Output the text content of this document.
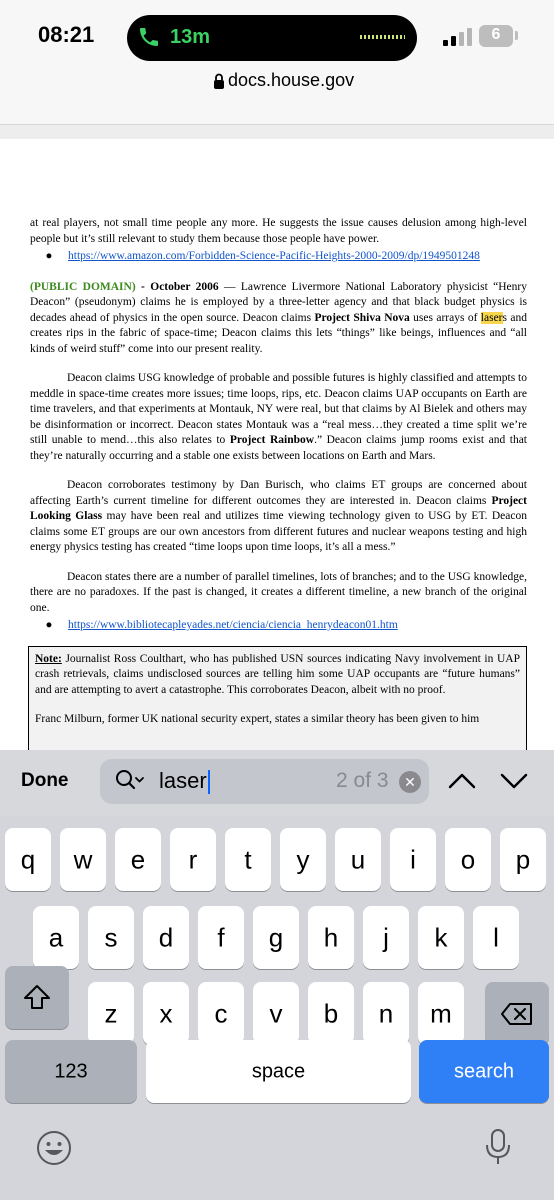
08:21	13m	6
docs.house.gov

at real players, not small time people any more. He suggests the issue causes delusion among high-level people but it’s still relevant to study them because those people have power.

●	https://www.amazon.com/Forbidden-Science-Pacific-Heights-2000-2009/dp/1949501248

(PUBLIC DOMAIN) - October 2006 — Lawrence Livermore National Laboratory physicist “Henry Deacon” (pseudonym) claims he is employed by a three-letter agency and that black budget physics is decades ahead of physics in the open source. Deacon claims Project Shiva Nova uses arrays of lasers and creates rips in the fabric of space-time; Deacon claims this lets “things” like beings, influences and “all kinds of weird stuff” come into our present reality.

Deacon claims USG knowledge of probable and possible futures is highly classified and attempts to meddle in space-time creates more issues; time loops, rips, etc. Deacon claims UAP occupants on Earth are time travelers, and that experiments at Montauk, NY were real, but that claims by Al Bielek and others may be disinformation or incorrect. Deacon states Montauk was a “real mess…they created a time split we’re still unable to mend…this also relates to Project Rainbow.” Deacon claims jump rooms exist and that they’re naturally occurring and a stable one exists between locations on Earth and Mars.

Deacon corroborates testimony by Dan Burisch, who claims ET groups are concerned about affecting Earth’s current timeline for different outcomes they are interested in. Deacon claims Project Looking Glass may have been real and utilizes time viewing technology given to USG by ET. Deacon claims some ET groups are our own ancestors from different futures and nuclear weapons testing and high energy physics testing has created “time loops upon time loops, it’s all a mess.”

Deacon states there are a number of parallel timelines, lots of branches; and to the USG knowledge, there are no paradoxes. If the past is changed, it creates a different timeline, a new branch of the original one.

●	https://www.bibliotecapleyades.net/ciencia/ciencia_henrydeacon01.htm

Note: Journalist Ross Coulthart, who has published USN sources indicating Navy involvement in UAP crash retrievals, claims undisclosed sources are telling him some UAP occupants are “future humans” and are attempting to avert a catastrophe. This corroborates Deacon, albeit with no proof.

Franc Milburn, former UK national security expert, states a similar theory has been given to him

Done	laser	2 of 3	✕
q	w	e	r	t	y	u	i	o	p
a	s	d	f	g	h	j	k	l
z	x	c	v	b	n	m
123	space	search
